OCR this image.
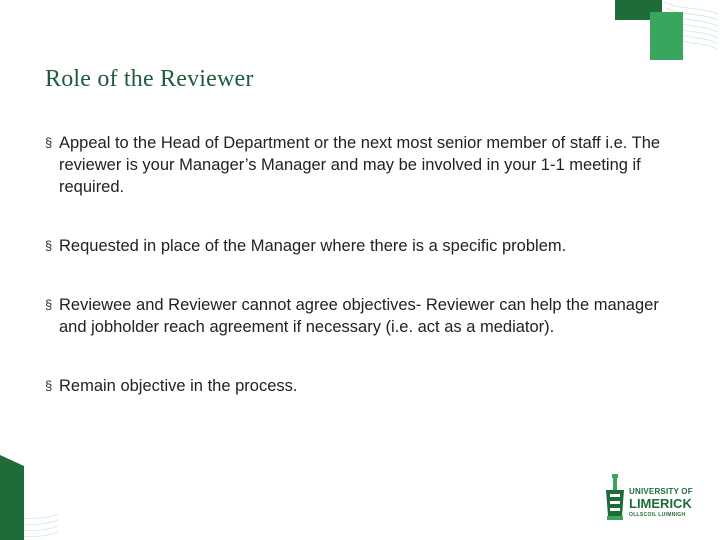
Role of the Reviewer
§ Appeal to the Head of Department or the next most senior member of staff i.e. The reviewer is your Manager’s Manager and may be involved in your 1-1 meeting if required.
§ Requested in place of the Manager where there is a specific problem.
§ Reviewee and Reviewer cannot agree objectives- Reviewer can help the manager and jobholder reach agreement if necessary (i.e. act as a mediator).
§ Remain objective in the process.
UNIVERSITY OF
LIMERICK
OLLSCOIL LUIMNIGH
